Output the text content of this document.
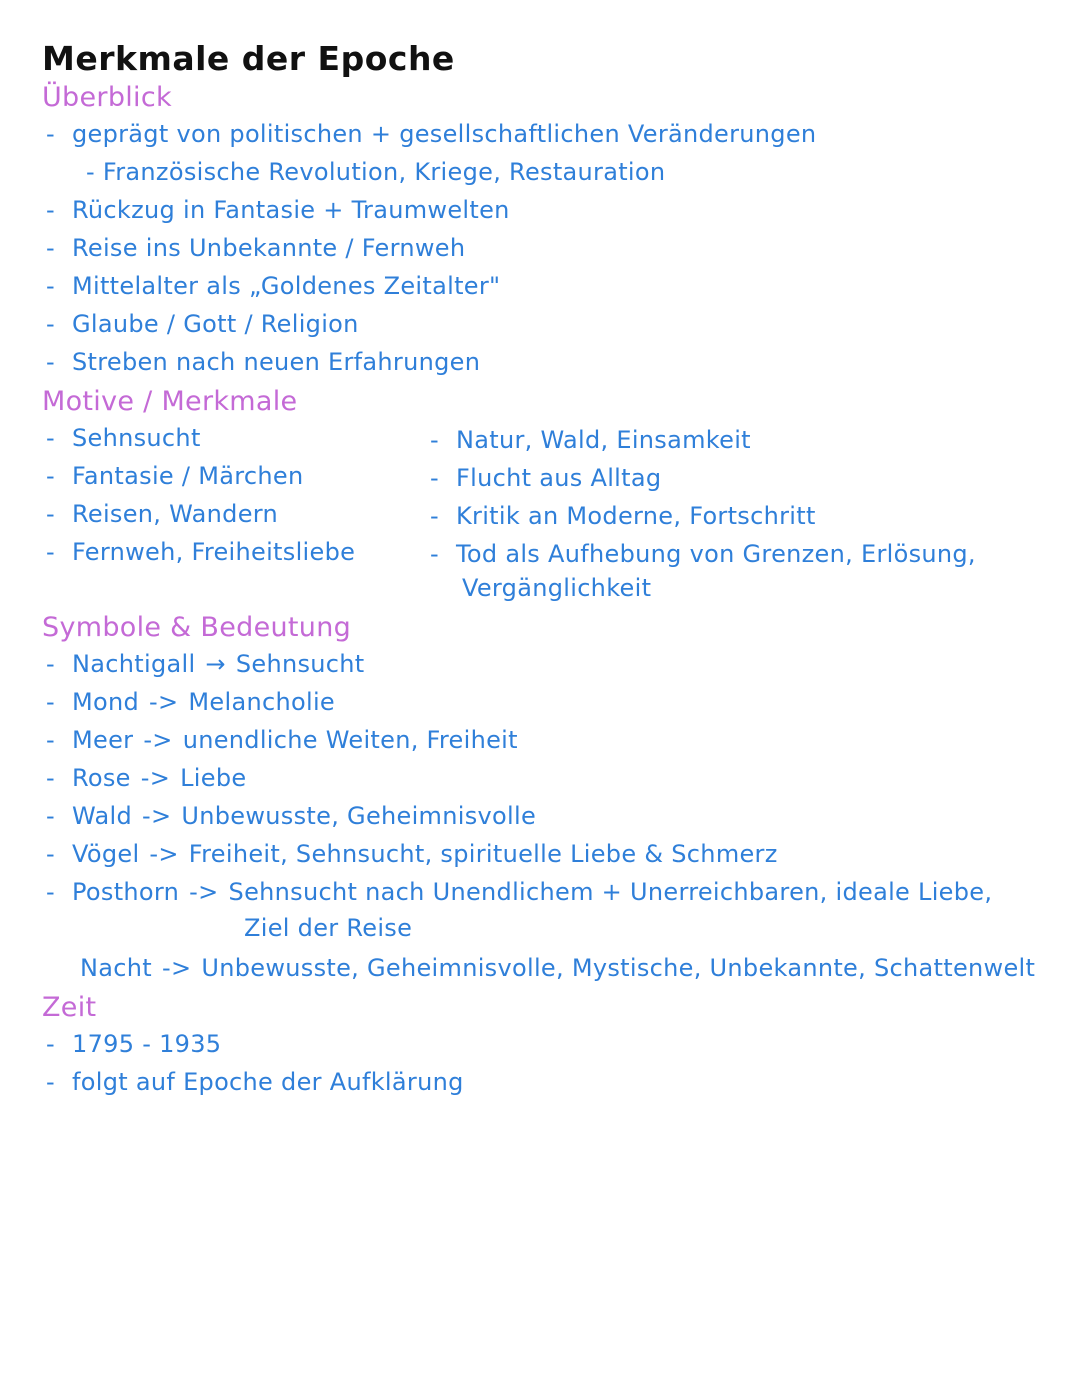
Merkmale der Epoche
Überblick
- geprägt von politischen + gesellschaftlichen Veränderungen
- Französische Revolution, Kriege, Restauration
- Rückzug in Fantasie + Traumwelten
- Reise ins Unbekannte / Fernweh
- Mittelalter als „Goldenes Zeitalter"
- Glaube / Gott / Religion
- Streben nach neuen Erfahrungen
Motive / Merkmale
- Sehnsucht
- Fantasie / Märchen
- Reisen, Wandern
- Fernweh, Freiheitsliebe
- Natur, Wald, Einsamkeit
- Flucht aus Alltag
- Kritik an Moderne, Fortschritt
- Tod als Aufhebung von Grenzen, Erlösung,
Vergänglichkeit
Symbole & Bedeutung
- Nachtigall → Sehnsucht
- Mond -> Melancholie
- Meer -> unendliche Weiten, Freiheit
- Rose -> Liebe
- Wald -> Unbewusste, Geheimnisvolle
- Vögel -> Freiheit, Sehnsucht, spirituelle Liebe & Schmerz
- Posthorn -> Sehnsucht nach Unendlichem + Unerreichbaren, ideale Liebe,
Ziel der Reise
Nacht -> Unbewusste, Geheimnisvolle, Mystische, Unbekannte, Schattenwelt
Zeit
- 1795 - 1935
- folgt auf Epoche der Aufklärung
